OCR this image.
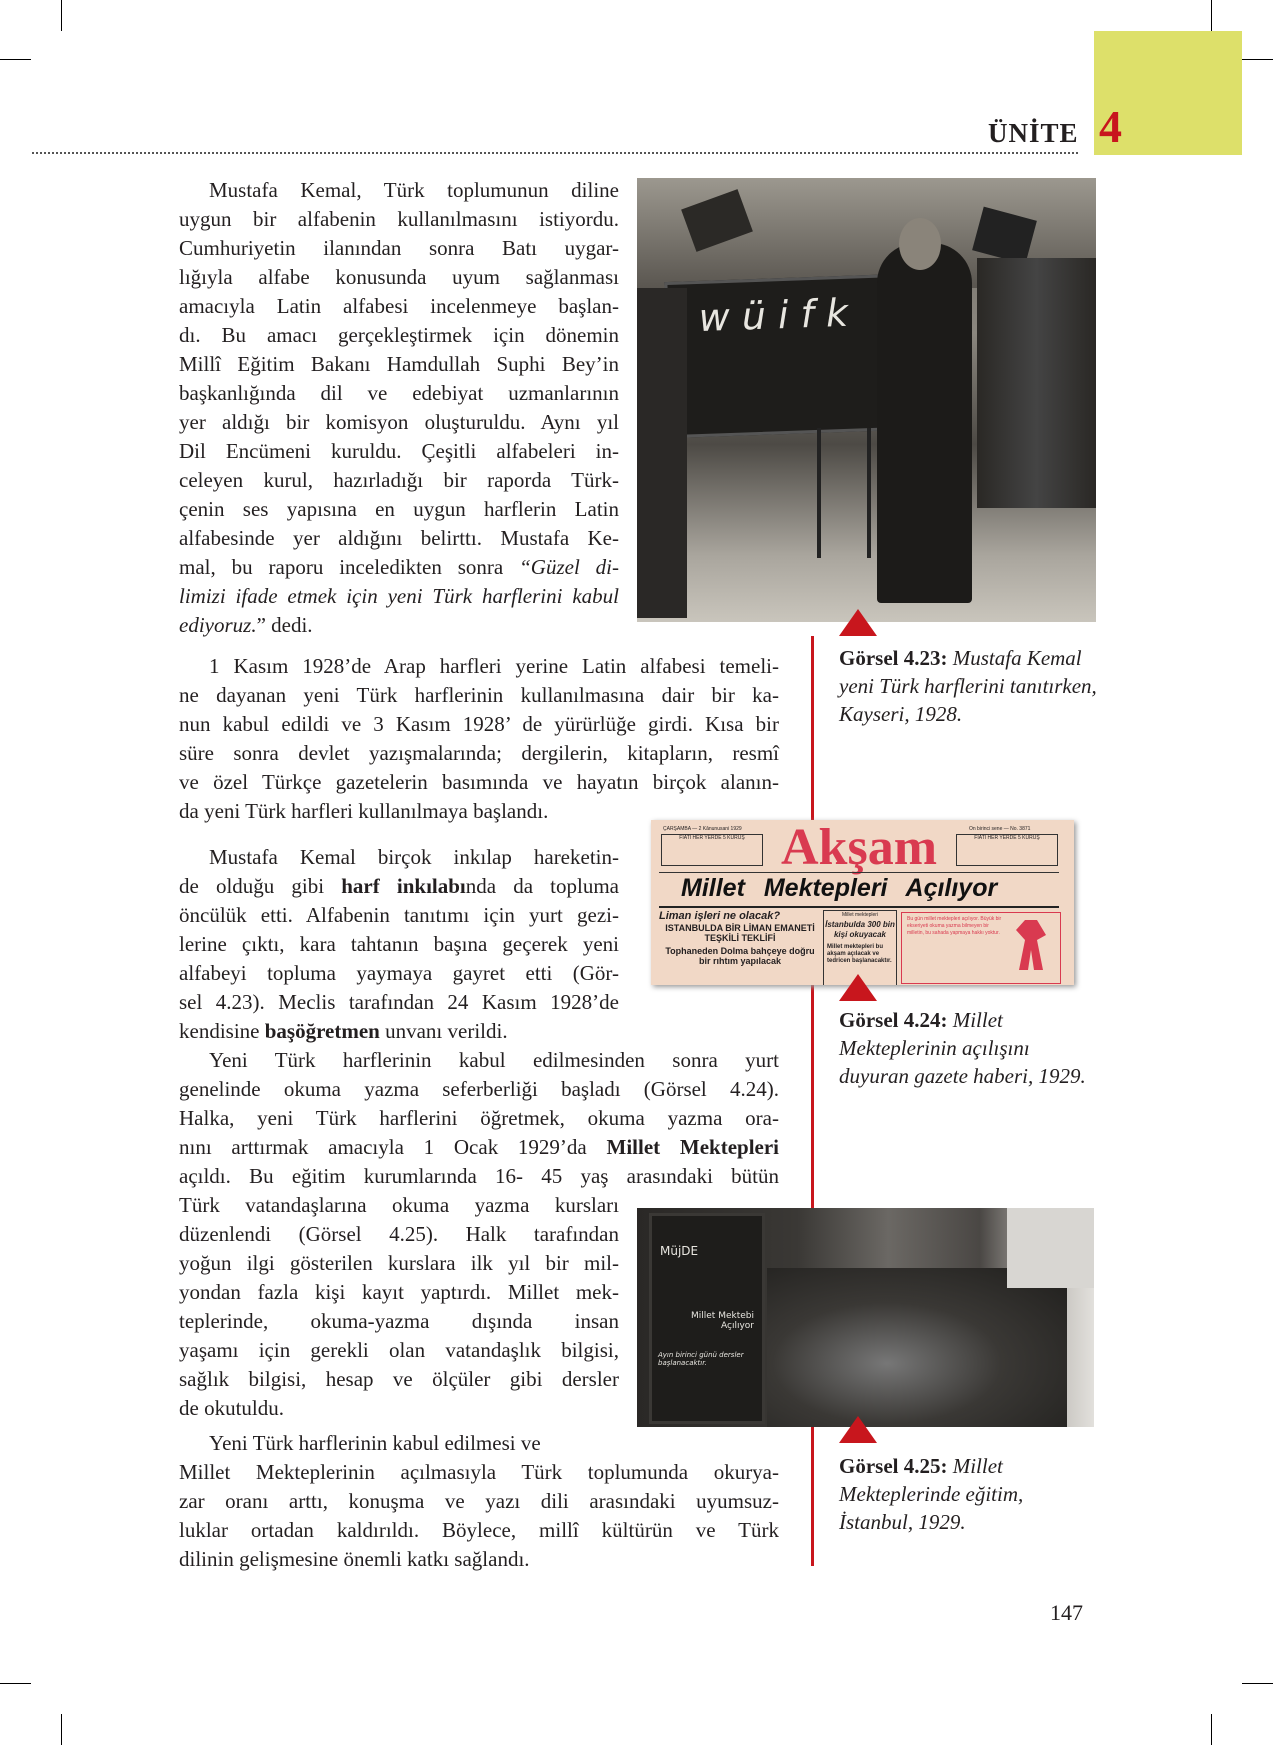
ÜNİTE 4
Mustafa Kemal, Türk toplumunun diline
uygun bir alfabenin kullanılmasını istiyordu.
Cumhuriyetin ilanından sonra Batı uygar-
lığıyla alfabe konusunda uyum sağlanması
amacıyla Latin alfabesi incelenmeye başlan-
dı. Bu amacı gerçekleştirmek için dönemin
Millî Eğitim Bakanı Hamdullah Suphi Bey’in
başkanlığında dil ve edebiyat uzmanlarının
yer aldığı bir komisyon oluşturuldu. Aynı yıl
Dil Encümeni kuruldu. Çeşitli alfabeleri in-
celeyen kurul, hazırladığı bir raporda Türk-
çenin ses yapısına en uygun harflerin Latin
alfabesinde yer aldığını belirttı. Mustafa Ke-
mal, bu raporu inceledikten sonra “Güzel di-
limizi ifade etmek için yeni Türk harflerini kabul
ediyoruz.” dedi.
1 Kasım 1928’de Arap harfleri yerine Latin alfabesi temeli-
ne dayanan yeni Türk harflerinin kullanılmasına dair bir ka-
nun kabul edildi ve 3 Kasım 1928’ de yürürlüğe girdi. Kısa bir
süre sonra devlet yazışmalarında; dergilerin, kitapların, resmî
ve özel Türkçe gazetelerin basımında ve hayatın birçok alanın-
da yeni Türk harfleri kullanılmaya başlandı.
Mustafa Kemal birçok inkılap hareketin-
de olduğu gibi harf inkılabında da topluma
öncülük etti. Alfabenin tanıtımı için yurt gezi-
lerine çıktı, kara tahtanın başına geçerek yeni
alfabeyi topluma yaymaya gayret etti (Gör-
sel 4.23). Meclis tarafından 24 Kasım 1928’de
kendisine başöğretmen unvanı verildi.
Yeni Türk harflerinin kabul edilmesinden sonra yurt
genelinde okuma yazma seferberliği başladı (Görsel 4.24).
Halka, yeni Türk harflerini öğretmek, okuma yazma ora-
nını arttırmak amacıyla 1 Ocak 1929’da Millet Mektepleri
açıldı. Bu eğitim kurumlarında 16- 45 yaş arasındaki bütün
Türk vatandaşlarına okuma yazma kursları
düzenlendi (Görsel 4.25). Halk tarafından
yoğun ilgi gösterilen kurslara ilk yıl bir mil-
yondan fazla kişi kayıt yaptırdı. Millet mek-
teplerinde, okuma-yazma dışında insan
yaşamı için gerekli olan vatandaşlık bilgisi,
sağlık bilgisi, hesap ve ölçüler gibi dersler
de okutuldu.
Yeni Türk harflerinin kabul edilmesi ve
Millet Mekteplerinin açılmasıyla Türk toplumunda okurya-
zar oranı arttı, konuşma ve yazı dili arasındaki uyumsuz-
luklar ortadan kaldırıldı. Böylece, millî kültürün ve Türk
dilinin gelişmesine önemli katkı sağlandı.
w ü i f k
Görsel 4.23: Mustafa Kemal yeni Türk harflerini tanıtırken, Kayseri, 1928.
ÇARŞAMBA — 2 Kânunusani 1929
FİATI HER YERDE 5 KURUŞ Akşam	On birinci sene — No. 3871
FİATI HER YERDE 5 KURUŞ
Millet Mektepleri Açılıyor
Liman işleri ne olacak?
ISTANBULDA BİR LİMAN EMANETİ TEŞKİLİ TEKLİFİ
Tophaneden Dolma bahçeye doğru bir rıhtım yapılacak
Millet mektepleri
İstanbulda 300 bin kişi okuyacak
Millet mektepleri bu akşam açılacak ve tedricen başlanacaktır.
Bu gün millet mektepleri açılıyor. Büyük bir ekseriyeti okuma yazma bilmeyen bir milletin, bu sahada yapmaya hakkı yoktur.
Görsel 4.24: Millet Mekteplerinin açılışını duyuran gazete haberi, 1929.
MüjDE
Millet Mektebi Açılıyor
Ayın birinci günü dersler başlanacaktır.
Görsel 4.25: Millet Mekteplerinde eğitim, İstanbul, 1929.
147
